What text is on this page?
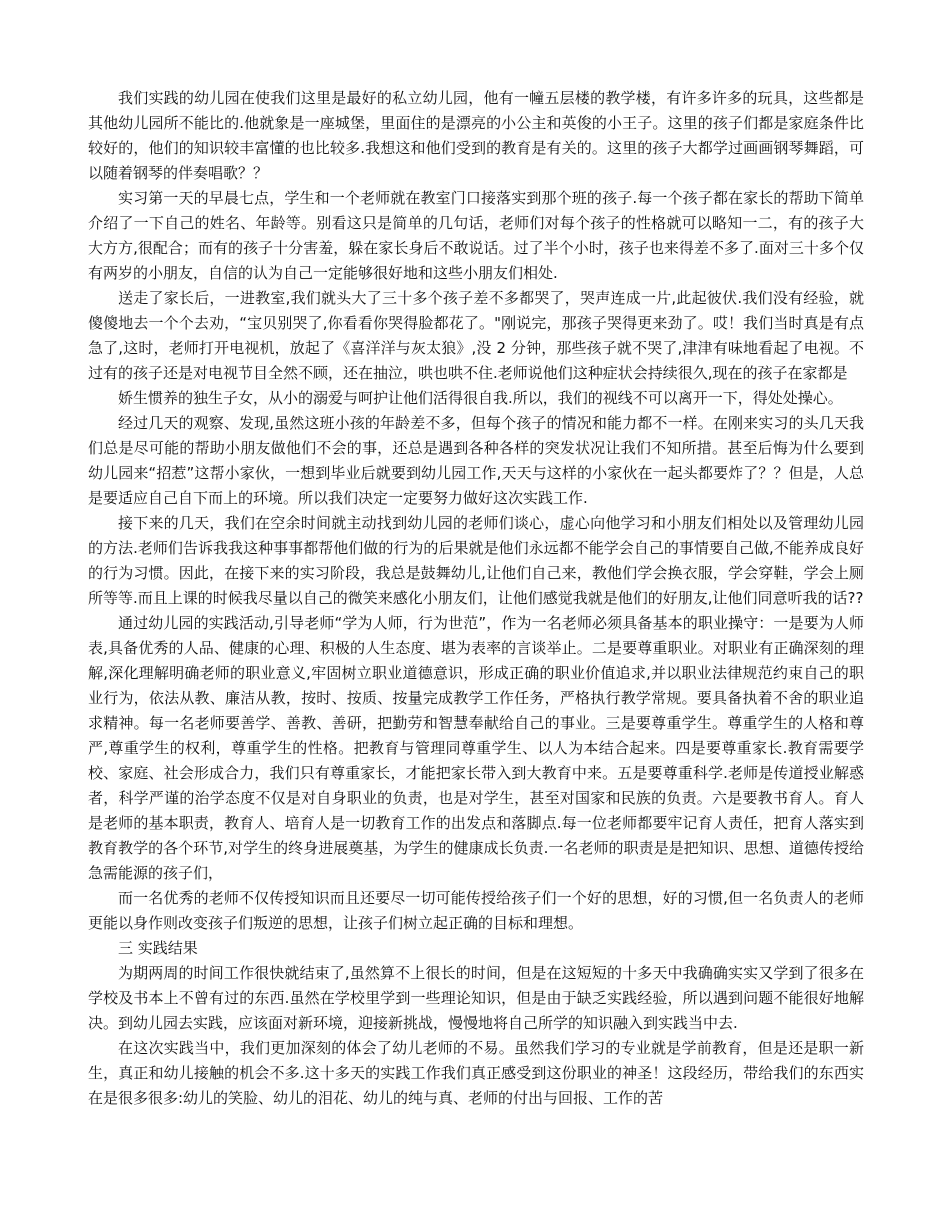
我们实践的幼儿园在使我们这里是最好的私立幼儿园，他有一幢五层楼的教学楼，有许多许多的玩具，这些都是其他幼儿园所不能比的.他就象是一座城堡，里面住的是漂亮的小公主和英俊的小王子。这里的孩子们都是家庭条件比较好的，他们的知识较丰富懂的也比较多.我想这和他们受到的教育是有关的。这里的孩子大都学过画画钢琴舞蹈，可以随着钢琴的伴奏唱歌？？

实习第一天的早晨七点，学生和一个老师就在教室门口接落实到那个班的孩子.每一个孩子都在家长的帮助下简单介绍了一下自己的姓名、年龄等。别看这只是简单的几句话，老师们对每个孩子的性格就可以略知一二，有的孩子大大方方,很配合；而有的孩子十分害羞，躲在家长身后不敢说话。过了半个小时，孩子也来得差不多了.面对三十多个仅有两岁的小朋友，自信的认为自己一定能够很好地和这些小朋友们相处.

送走了家长后，一进教室,我们就头大了三十多个孩子差不多都哭了，哭声连成一片,此起彼伏.我们没有经验，就傻傻地去一个个去劝，“宝贝别哭了,你看看你哭得脸都花了。"刚说完，那孩子哭得更来劲了。哎！我们当时真是有点急了,这时，老师打开电视机，放起了《喜洋洋与灰太狼》,没 2 分钟，那些孩子就不哭了,津津有味地看起了电视。不过有的孩子还是对电视节目全然不顾，还在抽泣，哄也哄不住.老师说他们这种症状会持续很久,现在的孩子在家都是

娇生惯养的独生子女，从小的溺爱与呵护让他们活得很自我.所以，我们的视线不可以离开一下，得处处操心。

经过几天的观察、发现,虽然这班小孩的年龄差不多，但每个孩子的情况和能力都不一样。在刚来实习的头几天我们总是尽可能的帮助小朋友做他们不会的事，还总是遇到各种各样的突发状况让我们不知所措。甚至后悔为什么要到幼儿园来“招惹”这帮小家伙，一想到毕业后就要到幼儿园工作,天天与这样的小家伙在一起头都要炸了？？但是，人总是要适应自己自下而上的环境。所以我们决定一定要努力做好这次实践工作.

接下来的几天，我们在空余时间就主动找到幼儿园的老师们谈心，虚心向他学习和小朋友们相处以及管理幼儿园的方法.老师们告诉我我这种事事都帮他们做的行为的后果就是他们永远都不能学会自己的事情要自己做,不能养成良好的行为习惯。因此，在接下来的实习阶段，我总是鼓舞幼儿,让他们自己来，教他们学会换衣服，学会穿鞋，学会上厕所等等.而且上课的时候我尽量以自己的微笑来感化小朋友们，让他们感觉我就是他们的好朋友,让他们同意听我的话??

通过幼儿园的实践活动,引导老师“学为人师，行为世范”，作为一名老师必须具备基本的职业操守：一是要为人师表,具备优秀的人品、健康的心理、积极的人生态度、堪为表率的言谈举止。二是要尊重职业。对职业有正确深刻的理解,深化理解明确老师的职业意义,牢固树立职业道德意识，形成正确的职业价值追求,并以职业法律规范约束自己的职业行为，依法从教、廉洁从教，按时、按质、按量完成教学工作任务，严格执行教学常规。要具备执着不舍的职业追求精神。每一名老师要善学、善教、善研，把勤劳和智慧奉献给自己的事业。三是要尊重学生。尊重学生的人格和尊严,尊重学生的权利，尊重学生的性格。把教育与管理同尊重学生、以人为本结合起来。四是要尊重家长.教育需要学校、家庭、社会形成合力，我们只有尊重家长，才能把家长带入到大教育中来。五是要尊重科学.老师是传道授业解惑者，科学严谨的治学态度不仅是对自身职业的负责，也是对学生，甚至对国家和民族的负责。六是要教书育人。育人是老师的基本职责，教育人、培育人是一切教育工作的出发点和落脚点.每一位老师都要牢记育人责任，把育人落实到教育教学的各个环节,对学生的终身进展奠基，为学生的健康成长负责.一名老师的职责是是把知识、思想、道德传授给急需能源的孩子们，

而一名优秀的老师不仅传授知识而且还要尽一切可能传授给孩子们一个好的思想，好的习惯,但一名负责人的老师更能以身作则改变孩子们叛逆的思想，让孩子们树立起正确的目标和理想。

三 实践结果

为期两周的时间工作很快就结束了,虽然算不上很长的时间，但是在这短短的十多天中我确确实实又学到了很多在学校及书本上不曾有过的东西.虽然在学校里学到一些理论知识，但是由于缺乏实践经验，所以遇到问题不能很好地解决。到幼儿园去实践，应该面对新环境，迎接新挑战，慢慢地将自己所学的知识融入到实践当中去.

在这次实践当中，我们更加深刻的体会了幼儿老师的不易。虽然我们学习的专业就是学前教育，但是还是职一新生，真正和幼儿接触的机会不多.这十多天的实践工作我们真正感受到这份职业的神圣！这段经历，带给我们的东西实在是很多很多:幼儿的笑脸、幼儿的泪花、幼儿的纯与真、老师的付出与回报、工作的苦
